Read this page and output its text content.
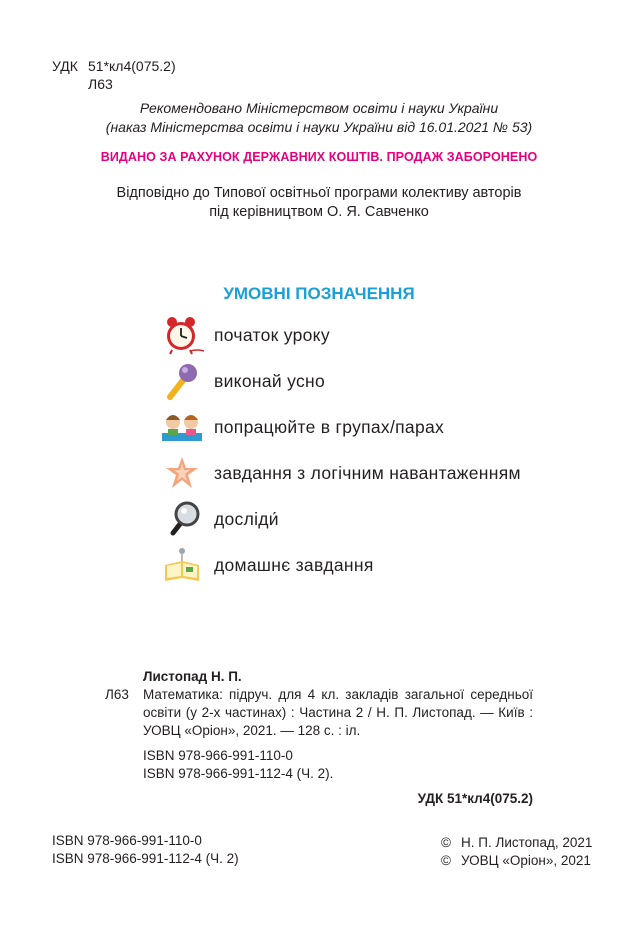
УДК 51*кл4(075.2)
Л63
Рекомендовано Міністерством освіти і науки України
(наказ Міністерства освіти і науки України від 16.01.2021 № 53)
ВИДАНО ЗА РАХУНОК ДЕРЖАВНИХ КОШТІВ. ПРОДАЖ ЗАБОРОНЕНО
Відповідно до Типової освітньої програми колективу авторів
під керівництвом О. Я. Савченко
УМОВНІ ПОЗНАЧЕННЯ
початок уроку
виконай усно
попрацюйте в групах/парах
завдання з логічним навантаженням
досліди́
домашнє завдання
Листопад Н. П.
Л63	Математика: підруч. для 4 кл. закладів загальної середньої освіти (у 2-х частинах) : Частина 2 / Н. П. Листопад. — Київ : УОВЦ «Оріон», 2021. — 128 с. : іл.
ISBN 978-966-991-110-0
ISBN 978-966-991-112-4 (Ч. 2).
УДК 51*кл4(075.2)
ISBN 978-966-991-110-0
ISBN 978-966-991-112-4 (Ч. 2)
© Н. П. Листопад, 2021
© УОВЦ «Оріон», 2021
